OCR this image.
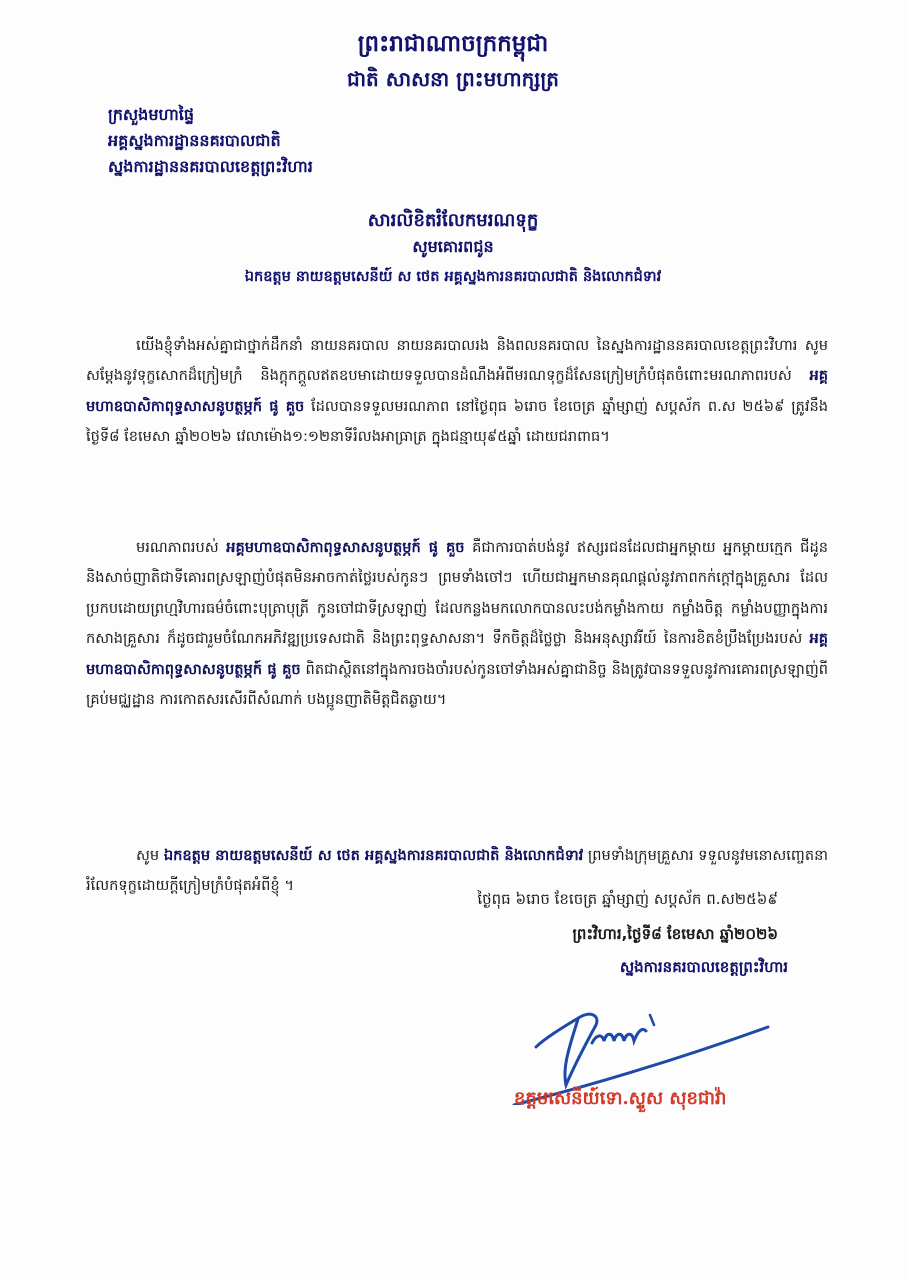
ព្រះរាជាណាចក្រកម្ពុជា
ជាតិ សាសនា ព្រះមហាក្សត្រ
ក្រសួងមហាផ្ទៃ
អគ្គស្នងការដ្ឋាននគរបាលជាតិ
ស្នងការដ្ឋាននគរបាលខេត្តព្រះវិហារ
សារលិខិតរំលែកមរណទុក្ខ
សូមគោរពជូន
ឯកឧត្តម នាយឧត្តមសេនីយ៍ ស ថេត អគ្គស្នងការនគរបាលជាតិ និងលោកជំទាវ

យើងខ្ញុំទាំងអស់គ្នាជាថ្នាក់ដឹកនាំ នាយនគរបាល នាយនគរបាលរង និងពលនគរបាល នៃស្នងការដ្ឋាននគរបាលខេត្តព្រះវិហារ សូមសម្ដែងនូវទុក្ខសោកដ៏ក្រៀមក្រំ និងក្ដុកក្ដួលឥតឧបមាដោយទទួលបានដំណឹងអំពីមរណទុក្ខដ៏សែនក្រៀមក្រំបំផុតចំពោះមរណភាពរបស់ អគ្គមហាឧបាសិកាពុទ្ធសាសនូបត្ថម្ភក៍ ផូ គួច ដែលបានទទួលមរណភាព នៅថ្ងៃពុធ ៦រោច ខែចេត្រ ឆ្នាំម្សាញ់ សប្តស័ក ព.ស ២៥៦៩ ត្រូវនឹងថ្ងៃទី៨ ខែមេសា ឆ្នាំ២០២៦ វេលាម៉ោង១:១២នាទីរំលងអាធ្រាត្រ ក្នុងជន្មាយុ៩៥ឆ្នាំ ដោយជរាពាធ។

មរណភាពរបស់ អគ្គមហាឧបាសិកាពុទ្ធសាសនូបត្ថម្ភក៍ ផូ គួច គឺជាការបាត់បង់នូវ ឥស្សរជនដែលជាអ្នកម្ដាយ អ្នកម្ដាយក្មេក ជីដូន និងសាច់ញាតិជាទីគោរពស្រឡាញ់បំផុតមិនអាចកាត់ថ្លៃរបស់កូនៗ ព្រមទាំងចៅៗ ហើយជាអ្នកមានគុណផ្ដល់នូវភាពកក់ក្ដៅក្នុងគ្រួសារ ដែលប្រកបដោយព្រហ្មវិហារធម៌ចំពោះបុត្រាបុត្រី កូនចៅជាទីស្រឡាញ់ ដែលកន្លងមកលោកបានលះបង់កម្លាំងកាយ កម្លាំងចិត្ត កម្លាំងបញ្ញាក្នុងការកសាងគ្រួសារ ក៏ដូចជារួមចំណែកអភិវឌ្ឍប្រទេសជាតិ និងព្រះពុទ្ធសាសនា។ ទឹកចិត្តដ៏ថ្លៃថ្លា និងអនុស្សាវរីយ៍ នៃការខិតខំប្រឹងប្រែងរបស់ អគ្គមហាឧបាសិកាពុទ្ធសាសនូបត្ថម្ភក៍ ផូ គួច ពិតជាស្ថិតនៅក្នុងការចងចាំរបស់កូនចៅទាំងអស់គ្នាជានិច្ច និងត្រូវបានទទួលនូវការគោរពស្រឡាញ់ពីគ្រប់មជ្ឈដ្ឋាន ការកោតសរសើរពីសំណាក់ បងប្អូនញាតិមិត្តជិតឆ្ងាយ។

សូម ឯកឧត្តម នាយឧត្តមសេនីយ៍ ស ថេត អគ្គស្នងការនគរបាលជាតិ និងលោកជំទាវ ព្រមទាំងក្រុមគ្រួសារ ទទួលនូវមនោសញ្ចេតនារំលែកទុក្ខដោយក្តីក្រៀមក្រំបំផុតអំពីខ្ញុំ ។

ថ្ងៃពុធ ៦រោច ខែចេត្រ ឆ្នាំម្សាញ់ សប្តស័ក ព.ស២៥៦៩
ព្រះវិហារ,ថ្ងៃទី៨ ខែមេសា ឆ្នាំ២០២៦
ស្នងការនគរបាលខេត្តព្រះវិហារ
ឧត្តមសេនីយ៍ទោ.ស្ទួស សុខជាវ៉ា
